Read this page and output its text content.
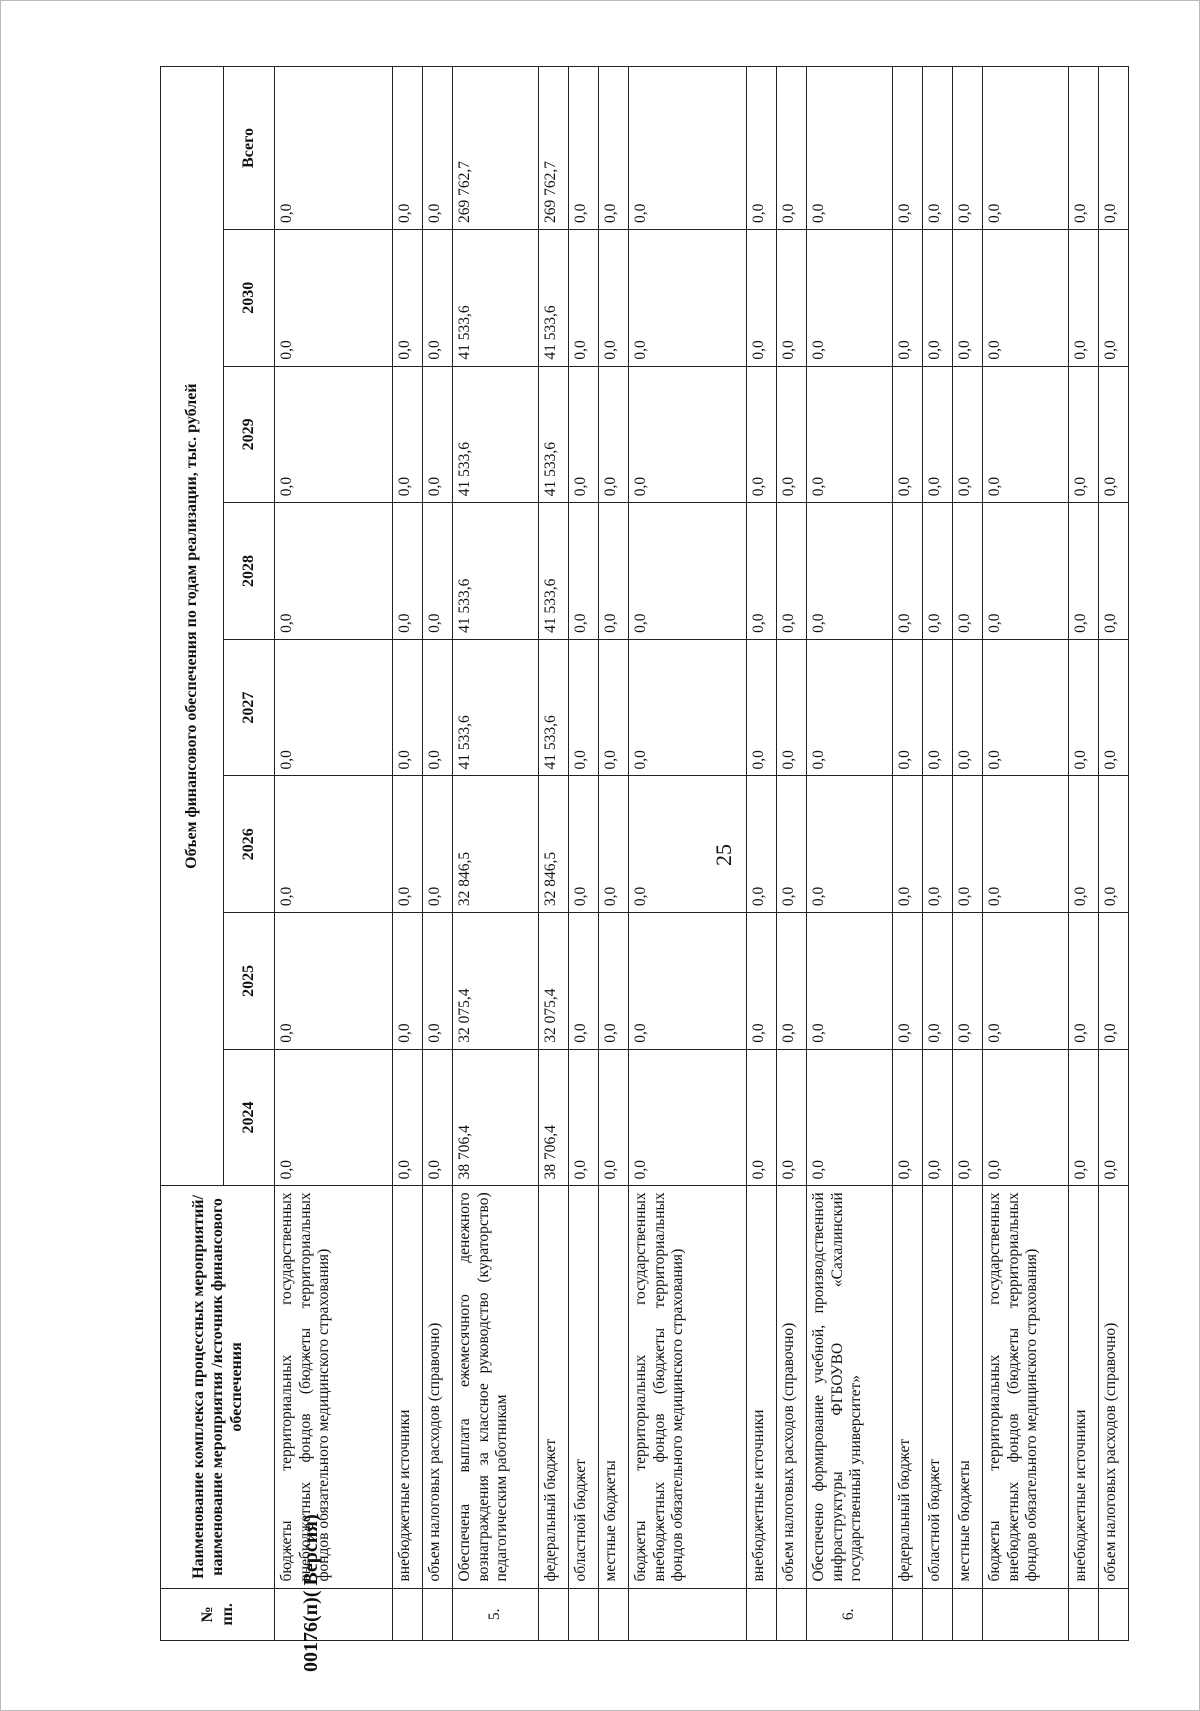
25
№ пп.	Наименование комплекса процессных мероприятий/наименование мероприятия /источник финансового обеспечения	Объем финансового обеспечения по годам реализации, тыс. рублей							
		2024	2025	2026	2027	2028	2029	2030	Всего
	бюджеты территориальных государственных внебюджетных фондов (бюджеты территориальных фондов обязательного медицинского страхования)	0,0	0,0	0,0	0,0	0,0	0,0	0,0	0,0
	внебюджетные источники	0,0	0,0	0,0	0,0	0,0	0,0	0,0	0,0
	объем налоговых расходов (справочно)	0,0	0,0	0,0	0,0	0,0	0,0	0,0	0,0
5.	Обеспечена выплата ежемесячного денежного вознаграждения за классное руководство (кураторство) педагогическим работникам	38 706,4	32 075,4	32 846,5	41 533,6	41 533,6	41 533,6	41 533,6	269 762,7
	федеральный бюджет	38 706,4	32 075,4	32 846,5	41 533,6	41 533,6	41 533,6	41 533,6	269 762,7
	областной бюджет	0,0	0,0	0,0	0,0	0,0	0,0	0,0	0,0
	местные бюджеты	0,0	0,0	0,0	0,0	0,0	0,0	0,0	0,0
	бюджеты территориальных государственных внебюджетных фондов (бюджеты территориальных фондов обязательного медицинского страхования)	0,0	0,0	0,0	0,0	0,0	0,0	0,0	0,0
	внебюджетные источники	0,0	0,0	0,0	0,0	0,0	0,0	0,0	0,0
	объем налоговых расходов (справочно)	0,0	0,0	0,0	0,0	0,0	0,0	0,0	0,0
6.	Обеспечено формирование учебной, производственной инфраструктуры ФГБОУВО «Сахалинский государственный университет»	0,0	0,0	0,0	0,0	0,0	0,0	0,0	0,0
	федеральный бюджет	0,0	0,0	0,0	0,0	0,0	0,0	0,0	0,0
	областной бюджет	0,0	0,0	0,0	0,0	0,0	0,0	0,0	0,0
	местные бюджеты	0,0	0,0	0,0	0,0	0,0	0,0	0,0	0,0
	бюджеты территориальных государственных внебюджетных фондов (бюджеты территориальных фондов обязательного медицинского страхования)	0,0	0,0	0,0	0,0	0,0	0,0	0,0	0,0
	внебюджетные источники	0,0	0,0	0,0	0,0	0,0	0,0	0,0	0,0
	объем налоговых расходов (справочно)	0,0	0,0	0,0	0,0	0,0	0,0	0,0	0,0
00176(п)( Версия)
